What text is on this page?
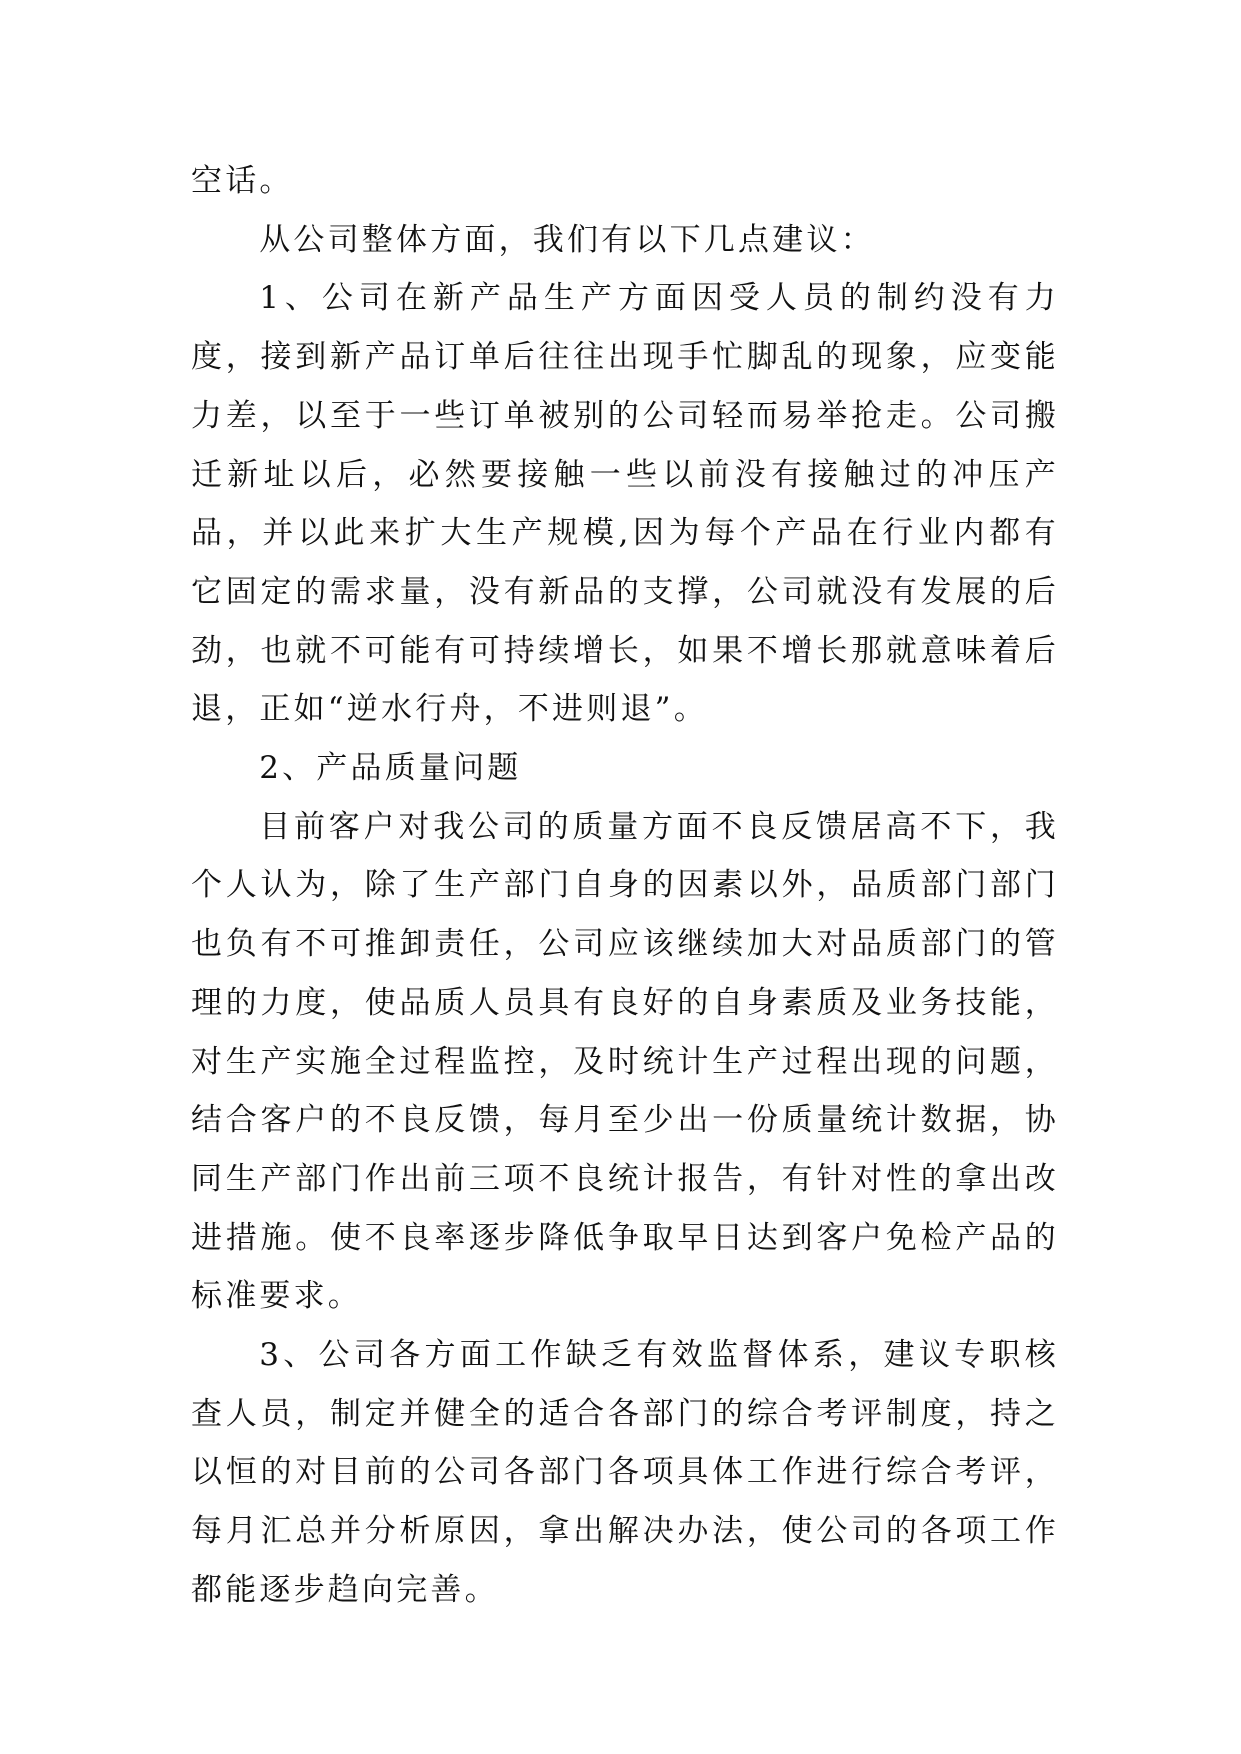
空话。

从公司整体方面，我们有以下几点建议：

1、公司在新产品生产方面因受人员的制约没有力度，接到新产品订单后往往出现手忙脚乱的现象，应变能力差，以至于一些订单被别的公司轻而易举抢走。公司搬迁新址以后，必然要接触一些以前没有接触过的冲压产品，并以此来扩大生产规模,因为每个产品在行业内都有它固定的需求量，没有新品的支撑，公司就没有发展的后劲，也就不可能有可持续增长，如果不增长那就意味着后退，正如“逆水行舟，不进则退”。

2、产品质量问题

目前客户对我公司的质量方面不良反馈居高不下，我个人认为，除了生产部门自身的因素以外，品质部门部门也负有不可推卸责任，公司应该继续加大对品质部门的管理的力度，使品质人员具有良好的自身素质及业务技能，对生产实施全过程监控，及时统计生产过程出现的问题，结合客户的不良反馈，每月至少出一份质量统计数据，协同生产部门作出前三项不良统计报告，有针对性的拿出改进措施。使不良率逐步降低争取早日达到客户免检产品的标准要求。

3、公司各方面工作缺乏有效监督体系，建议专职核查人员，制定并健全的适合各部门的综合考评制度，持之以恒的对目前的公司各部门各项具体工作进行综合考评，每月汇总并分析原因，拿出解决办法，使公司的各项工作都能逐步趋向完善。
